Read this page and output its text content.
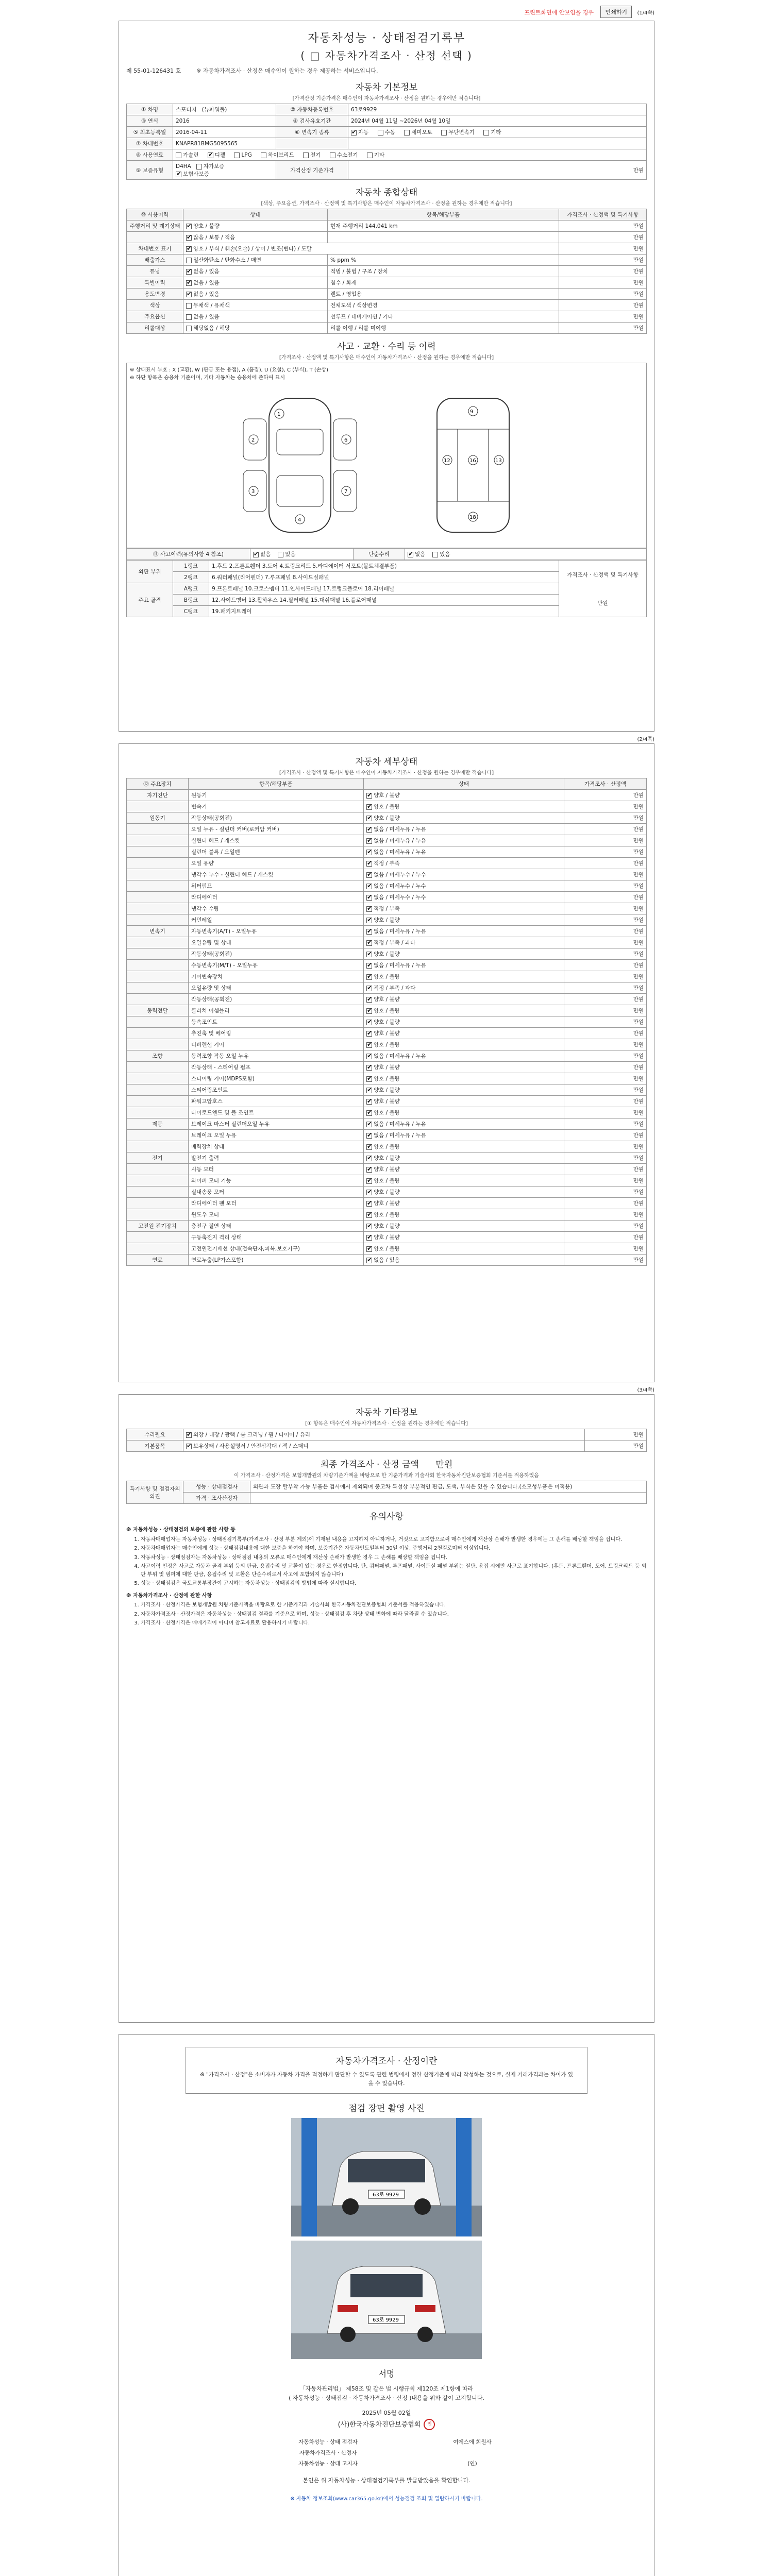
프린트화면에 안보임을 경우	인쇄하기	(1/4쪽)
자동차성능 · 상태점검기록부
( □ 자동차가격조사 · 산정 선택 )
제 55-01-126431 호	※ 자동차가격조사 · 산정은 매수인이 원하는 경우 제공하는 서비스입니다.
자동차 기본정보
[가격산정 기준가격은 매수인이 자동차가격조사 · 산정을 원하는 경우에만 적습니다]
① 차명	스포티지 (뉴파워풀)	② 자동차등록번호	63로9929
③ 연식	2016	④ 검사유효기간	2024년 04월 11일 ~2026년 04월 10일
⑤ 최초등록일	2016-04-11	⑥ 변속기 종류	✔자동 수동 세미오토 무단변속기 기타
⑦ 차대번호	KNAPR81BMG5095565		
⑧ 사용연료	가솔린 ✔ 디젤 LPG 하이브리드 전기 수소전기 기타
⑨ 보증유형	D4HA 자가보증 ✔보험사보증	가격산정 기준가격	만원
자동차 종합상태
[색상, 주요옵션, 가격조사 · 산정액 및 특기사항은 매수인이 자동차가격조사 · 산정을 원하는 경우에만 적습니다]
⑩ 사용이력	상태	항목/해당부품	가격조사 · 산정액 및 특기사항
주행거리 및 계기상태	✔양호 / 불량	현재 주행거리 144,041 km	만원
	✔많음 / 보통 / 적음		만원
차대번호 표기	✔양호 / 부식 / 훼손(오손) / 상이 / 변조(변타) / 도말		만원
배출가스	일산화탄소 / 탄화수소 / 매연	% ppm %	만원
튜닝	✔없음 / 있음	적법 / 불법 / 구조 / 장치	만원
특별이력	✔없음 / 있음	침수 / 화재	만원
용도변경	✔없음 / 있음	렌트 / 영업용	만원
색상	무채색 / 유채색	전체도색 / 색상변경	만원
주요옵션	없음 / 있음	선루프 / 네비게이션 / 기타	만원
리콜대상	해당없음 / 해당	리콜 이행 / 리콜 미이행	만원
사고 · 교환 · 수리 등 이력
[가격조사 · 산정액 및 특기사항은 매수인이 자동차가격조사 · 산정을 원하는 경우에만 적습니다]
※ 상태표시 부호 : X (교환), W (판금 또는 용접), A (흠집), U (요철), C (부식), T (손상)
※ 하단 항목은 승용차 기준이며, 기타 자동차는 승용차에 준하여 표시
1
2
3
4
6
7
9
12	16	13
18
⑪ 사고이력(유의사항 4 참조)	✔없음	있음	단순수리	✔없음	있음
외판 부위	1랭크	1.후드 2.프론트휀더 3.도어 4.트렁크리드 5.라디에이터 서포트(볼트체결부품)	가격조사 · 산정액 및 특기사항
만원

	2랭크	6.쿼터패널(리어펜더) 7.루프패널 8.사이드실패널	
주요 골격	A랭크	9.프론트패널 10.크로스멤버 11.인사이드패널 17.트렁크플로어 18.리어패널	
	B랭크	12.사이드멤버 13.휠하우스 14.필러패널 15.대쉬패널 16.플로어패널	
	C랭크	19.패키지트레이	
(2/4쪽)
자동차 세부상태
[가격조사 · 산정액 및 특기사항은 매수인이 자동차가격조사 · 산정을 원하는 경우에만 적습니다]
⑫ 주요장치	항목/해당부품	상태	가격조사 · 산정액
자기진단	원동기	✔양호 / 불량	만원
	변속기	✔양호 / 불량	만원
원동기	작동상태(공회전)	✔양호 / 불량	만원
	오일 누유 - 실린더 커버(로커암 커버)	✔없음 / 미세누유 / 누유	만원
	실린더 헤드 / 개스킷	✔없음 / 미세누유 / 누유	만원
	실린더 블록 / 오일팬	✔없음 / 미세누유 / 누유	만원
	오일 유량	✔적정 / 부족	만원
	냉각수 누수 - 실린더 헤드 / 개스킷	✔없음 / 미세누수 / 누수	만원
	워터펌프	✔없음 / 미세누수 / 누수	만원
	라디에이터	✔없음 / 미세누수 / 누수	만원
	냉각수 수량	✔적정 / 부족	만원
	커먼레일	✔양호 / 불량	만원
변속기	자동변속기(A/T) - 오일누유	✔없음 / 미세누유 / 누유	만원
	오일유량 및 상태	✔적정 / 부족 / 과다	만원
	작동상태(공회전)	✔양호 / 불량	만원
	수동변속기(M/T) - 오일누유	✔없음 / 미세누유 / 누유	만원
	기어변속장치	✔양호 / 불량	만원
	오일유량 및 상태	✔적정 / 부족 / 과다	만원
	작동상태(공회전)	✔양호 / 불량	만원
동력전달	클러치 어셈블리	✔양호 / 불량	만원
	등속조인트	✔양호 / 불량	만원
	추진축 및 베어링	✔양호 / 불량	만원
	디퍼렌셜 기어	✔양호 / 불량	만원
조향	동력조향 작동 오일 누유	✔없음 / 미세누유 / 누유	만원
	작동상태 - 스티어링 펌프	✔양호 / 불량	만원
	스티어링 기어(MDPS포함)	✔양호 / 불량	만원
	스티어링조인트	✔양호 / 불량	만원
	파워고압호스	✔양호 / 불량	만원
	타이로드엔드 및 볼 조인트	✔양호 / 불량	만원
제동	브레이크 마스터 실린더오일 누유	✔없음 / 미세누유 / 누유	만원
	브레이크 오일 누유	✔없음 / 미세누유 / 누유	만원
	배력장치 상태	✔양호 / 불량	만원
전기	발전기 출력	✔양호 / 불량	만원
	시동 모터	✔양호 / 불량	만원
	와이퍼 모터 기능	✔양호 / 불량	만원
	실내송풍 모터	✔양호 / 불량	만원
	라디에이터 팬 모터	✔양호 / 불량	만원
	윈도우 모터	✔양호 / 불량	만원
고전원 전기장치	충전구 절연 상태	✔양호 / 불량	만원
	구동축전지 격리 상태	✔양호 / 불량	만원
	고전원전기배선 상태(접속단자,피복,보호기구)	✔양호 / 불량	만원
연료	연료누출(LP가스포함)	✔없음 / 있음	만원
(3/4쪽)
자동차 기타정보
[① 항목은 매수인이 자동차가격조사 · 산정을 원하는 경우에만 적습니다]
수리필요	✔외장 / 내장 / 광택 / 룸 크리닝 / 휠 / 타이어 / 유리	만원
기본품목	✔보유상태 / 사용설명서 / 안전삼각대 / 잭 / 스패너	만원
최종 가격조사 · 산정 금액 만원
이 가격조사 · 산정가격은 보험개발원의 차량기준가액을 바탕으로 한 기준가격과 기술사회 한국자동차진단보증협회 기준서를 적용하였음
특기사항 및 점검자의 의견	성능 · 상태점검자	외관과 도장 탈부착 가능 부품은 검사에서 제외되며 중고차 특성상 부분적인 판금, 도색, 부식은 있을 수 있습니다.(소모성부품은 미적용)
	가격 · 조사산정자	
유의사항

※ 자동차성능 · 상태점검의 보증에 관한 사항 등

1. 자동차매매업자는 자동차성능 · 상태점검기록부(가격조사 · 산정 부분 제외)에 기재된 내용을 고지하지 아니하거나, 거짓으로 고지함으로써 매수인에게 재산상 손해가 발생한 경우에는 그 손해를 배상할 책임을 집니다.
2. 자동차매매업자는 매수인에게 성능 · 상태점검내용에 대한 보증을 하여야 하며, 보증기간은 자동차인도일부터 30일 이상, 주행거리 2천킬로미터 이상입니다.
3. 자동차성능 · 상태점검자는 자동차성능 · 상태점검 내용의 오류로 매수인에게 재산상 손해가 발생한 경우 그 손해를 배상할 책임을 집니다.
4. 사고이력 인정은 사고로 자동차 골격 부위 등의 판금, 용접수리 및 교환이 있는 경우로 한정합니다. 단, 쿼터패널, 루프패널, 사이드실 패널 부위는 절단, 용접 시에만 사고로 표기합니다. (후드, 프론트휀더, 도어, 트렁크리드 등 외판 부위 및 범퍼에 대한 판금, 용접수리 및 교환은 단순수리로서 사고에 포함되지 않습니다)
5. 성능 · 상태점검은 국토교통부장관이 고시하는 자동차성능 · 상태점검의 방법에 따라 실시합니다.

※ 자동차가격조사 · 산정에 관한 사항

1. 가격조사 · 산정가격은 보험개발원 차량기준가액을 바탕으로 한 기준가격과 기술사회 한국자동차진단보증협회 기준서를 적용하였습니다.
2. 자동차가격조사 · 산정가격은 자동차성능 · 상태점검 결과를 기준으로 하며, 성능 · 상태점검 후 차량 상태 변화에 따라 달라질 수 있습니다.
3. 가격조사 · 산정가격은 매매가격이 아니며 참고자료로 활용하시기 바랍니다.
자동차가격조사 · 산정이란
※ "가격조사 · 산정"은 소비자가 자동차 가격을 적정하게 판단할 수 있도록 관련 법령에서 정한 산정기준에 따라 작성하는 것으로, 실제 거래가격과는 차이가 있을 수 있습니다.
점검 장면 촬영 사진
63로 9929
63로 9929
서명
「자동차관리법」 제58조 및 같은 법 시행규칙 제120조 제1항에 따라
( 자동차성능 · 상태점검 · 자동차가격조사 · 산정 )내용을 위와 같이 고지합니다.
2025년 05월 02일
(사)한국자동차진단보증협회 인
자동차성능 · 상태 점검자	여에스에 회원사
자동차가격조사 · 산정자	
자동차성능 · 상태 고지자	(인)
본인은 위 자동차성능 · 상태점검기록부를 발급받았음을 확인합니다.
※ 자동차 정보조회(www.car365.go.kr)에서 성능점검 조회 및 열람하시기 바랍니다.
